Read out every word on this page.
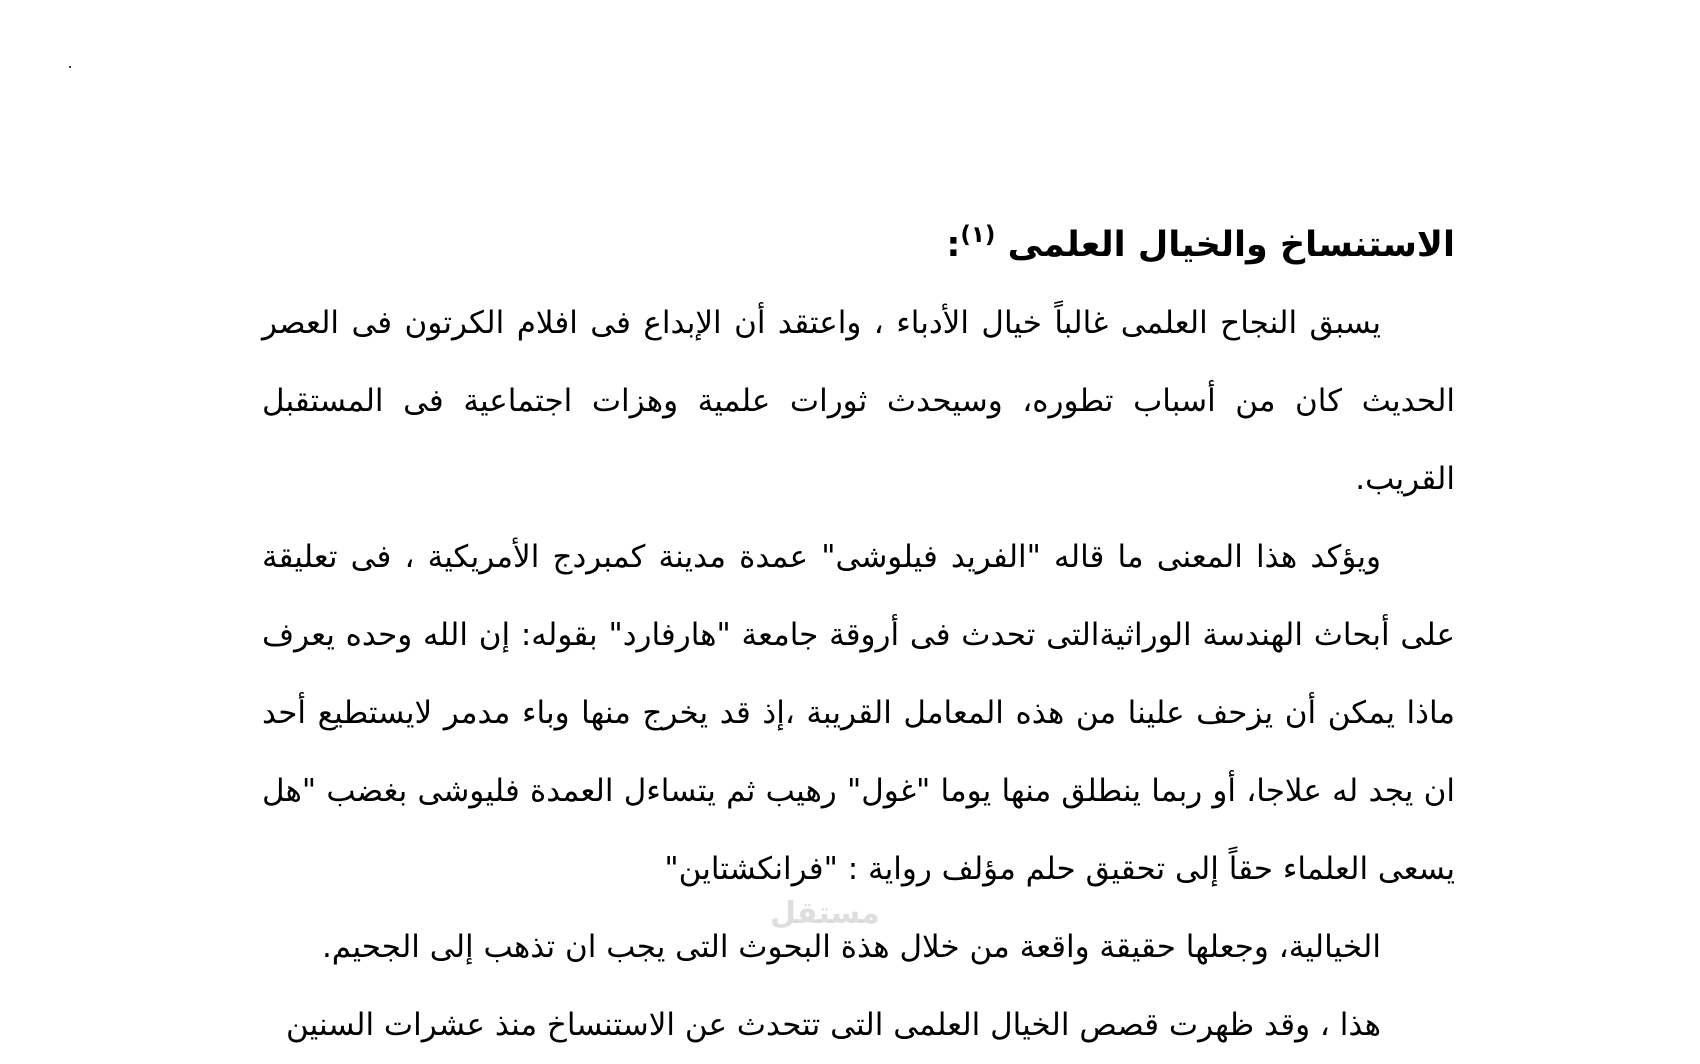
الاستنساخ والخيال العلمى $^{(١)}$:

يسبق النجاح العلمى غالباً خيال الأدباء ، واعتقد أن الإبداع فى افلام الكرتون فى العصر الحديث كان من أسباب تطوره، وسيحدث ثورات علمية وهزات اجتماعية فى المستقبل القريب.

ويؤكد هذا المعنى ما قاله "الفريد فيلوشى" عمدة مدينة كمبردج الأمريكية ، فى تعليقة على أبحاث الهندسة الوراثيةالتى تحدث فى أروقة جامعة "هارفارد" بقوله: إن الله وحده يعرف ماذا يمكن أن يزحف علينا من هذه المعامل القريبة ،إذ قد يخرج منها وباء مدمر لايستطيع أحد ان يجد له علاجا، أو ربما ينطلق منها يوما "غول" رهيب ثم يتساءل العمدة فليوشى بغضب "هل يسعى العلماء حقاً إلى تحقيق حلم مؤلف رواية : "فرانكشتاين"

الخيالية، وجعلها حقيقة واقعة من خلال هذة البحوث التى يجب ان تذهب إلى الجحيم.

هذا ، وقد ظهرت قصص الخيال العلمى التى تتحدث عن الاستنساخ منذ عشرات السنين

مستقل
